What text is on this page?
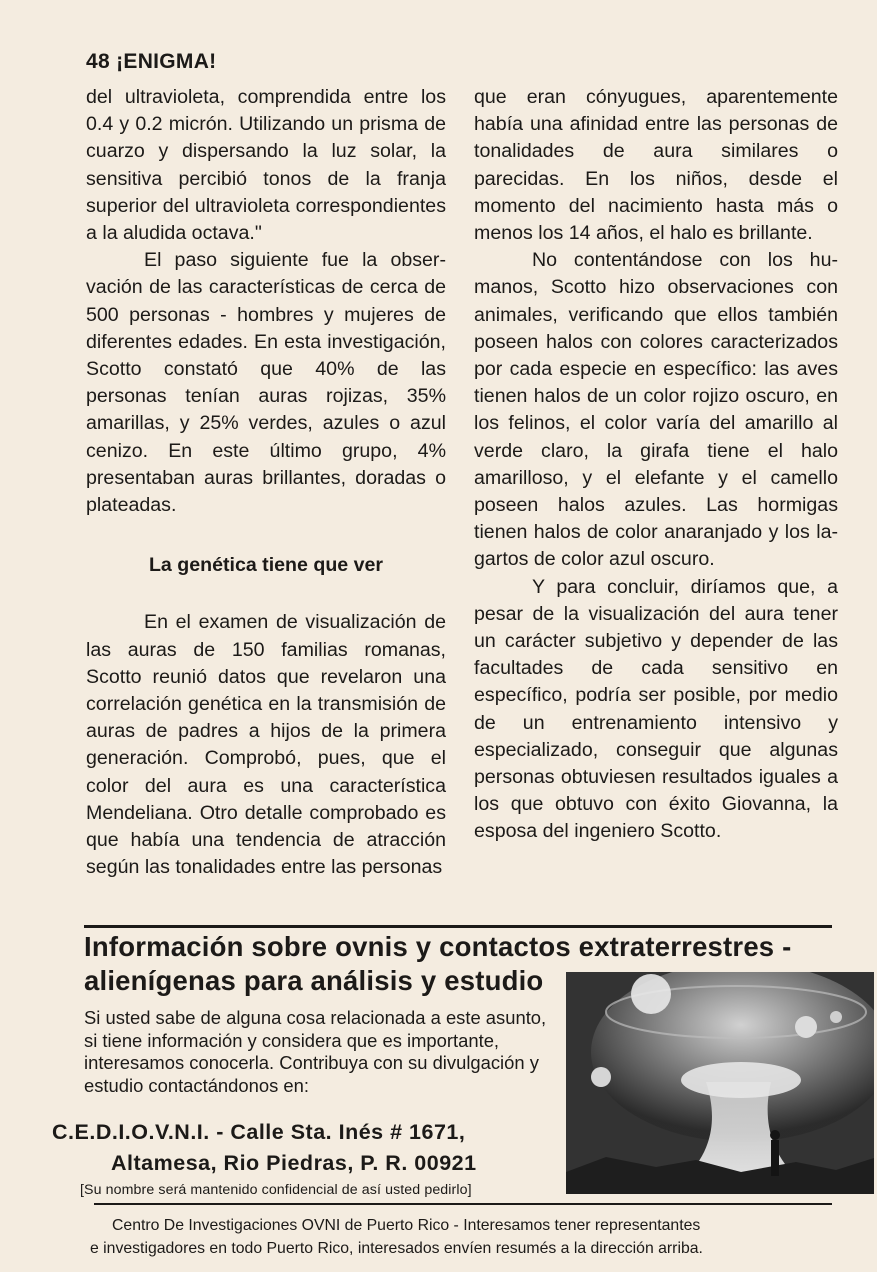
48 ¡ENIGMA!

del ultravioleta, comprendida entre los 0.4 y 0.2 micrón. Utilizando un prisma de cuarzo y dispersando la luz solar, la sensitiva percibió tonos de la franja superior del ultravioleta correspondientes a la aludida octava."

El paso siguiente fue la observación de las características de cerca de 500 personas - hombres y mujeres de diferentes edades. En esta investigación, Scotto constató que 40% de las personas tenían auras rojizas, 35% amarillas, y 25% verdes, azules o azul cenizo. En este último grupo, 4% presentaban auras brillantes, doradas o plateadas.

La genética tiene que ver

En el examen de visualización de las auras de 150 familias romanas, Scotto reunió datos que revelaron una correlación genética en la transmisión de auras de padres a hijos de la primera generación. Comprobó, pues, que el color del aura es una característica Mendeliana. Otro detalle comprobado es que había una tendencia de atracción según las tonalidades entre las personas

que eran cónyugues, aparentemente había una afinidad entre las personas de tonalidades de aura similares o parecidas. En los niños, desde el momento del nacimiento hasta más o menos los 14 años, el halo es brillante.

No contentándose con los humanos, Scotto hizo observaciones con animales, verificando que ellos también poseen halos con colores caracterizados por cada especie en específico: las aves tienen halos de un color rojizo oscuro, en los felinos, el color varía del amarillo al verde claro, la girafa tiene el halo amarilloso, y el elefante y el camello poseen halos azules. Las hormigas tienen halos de color anaranjado y los lagartos de color azul oscuro.

Y para concluir, diríamos que, a pesar de la visualización del aura tener un carácter subjetivo y depender de las facultades de cada sensitivo en específico, podría ser posible, por medio de un entrenamiento intensivo y especializado, conseguir que algunas personas obtuviesen resultados iguales a los que obtuvo con éxito Giovanna, la esposa del ingeniero Scotto.

Información sobre ovnis y contactos extraterrestres -
alienígenas para análisis y estudio
Si usted sabe de alguna cosa relacionada a este asunto, si tiene información y considera que es importante, interesamos conocerla. Contribuya con su divulgación y estudio contactándonos en:
C.E.D.I.O.V.N.I. - Calle Sta. Inés # 1671,
Altamesa, Rio Piedras, P. R. 00921
[Su nombre será mantenido confidencial de así usted pedirlo]
Centro De Investigaciones OVNI de Puerto Rico - Interesamos tener representantes
e investigadores en todo Puerto Rico, interesados envíen resumés a la dirección arriba.
